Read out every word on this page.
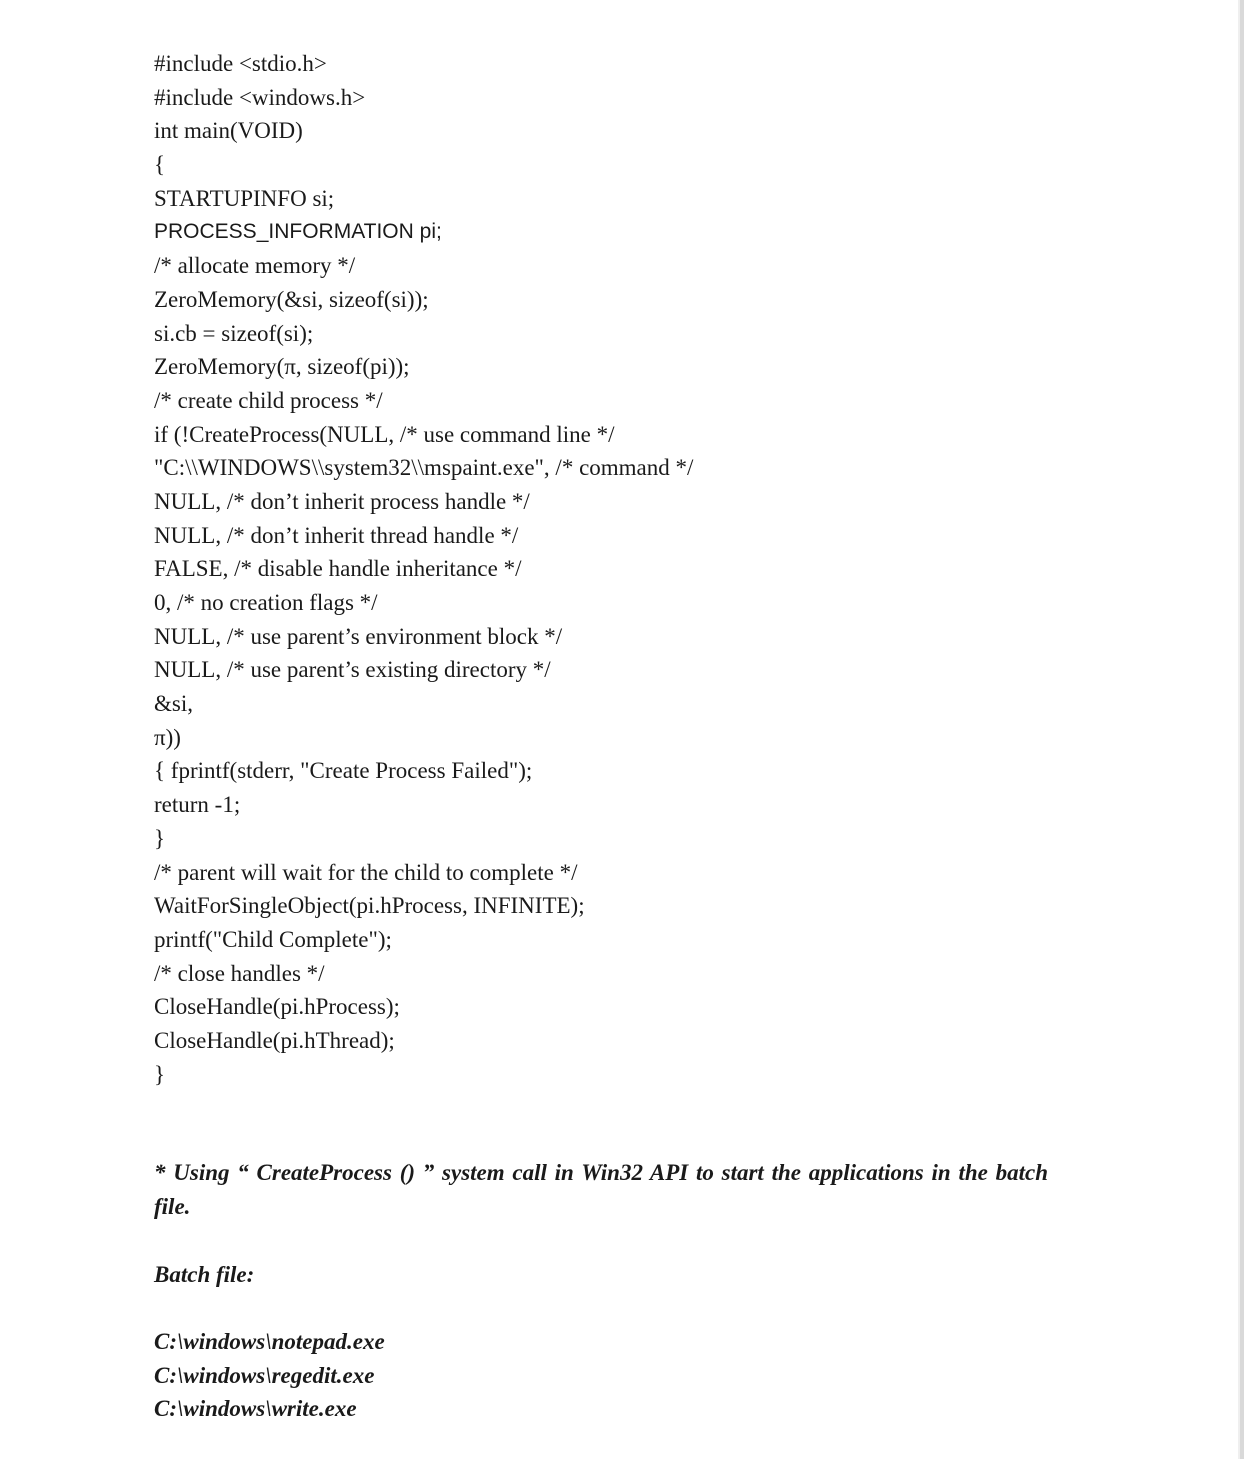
#include <stdio.h>
#include <windows.h>
int main(VOID)
{
STARTUPINFO si;
PROCESS_INFORMATION pi;
/* allocate memory */
ZeroMemory(&si, sizeof(si));
si.cb = sizeof(si);
ZeroMemory(π, sizeof(pi));
/* create child process */
if (!CreateProcess(NULL, /* use command line */
"C:\\WINDOWS\\system32\\mspaint.exe", /* command */
NULL, /* don’t inherit process handle */
NULL, /* don’t inherit thread handle */
FALSE, /* disable handle inheritance */
0, /* no creation flags */
NULL, /* use parent’s environment block */
NULL, /* use parent’s existing directory */
&si,
π))
{ fprintf(stderr, "Create Process Failed");
return -1;
}
/* parent will wait for the child to complete */
WaitForSingleObject(pi.hProcess, INFINITE);
printf("Child Complete");
/* close handles */
CloseHandle(pi.hProcess);
CloseHandle(pi.hThread);
}
* Using “ CreateProcess () ” system call in Win32 API to start the applications in the batch file.
Batch file:
C:\windows\notepad.exe
C:\windows\regedit.exe
C:\windows\write.exe
